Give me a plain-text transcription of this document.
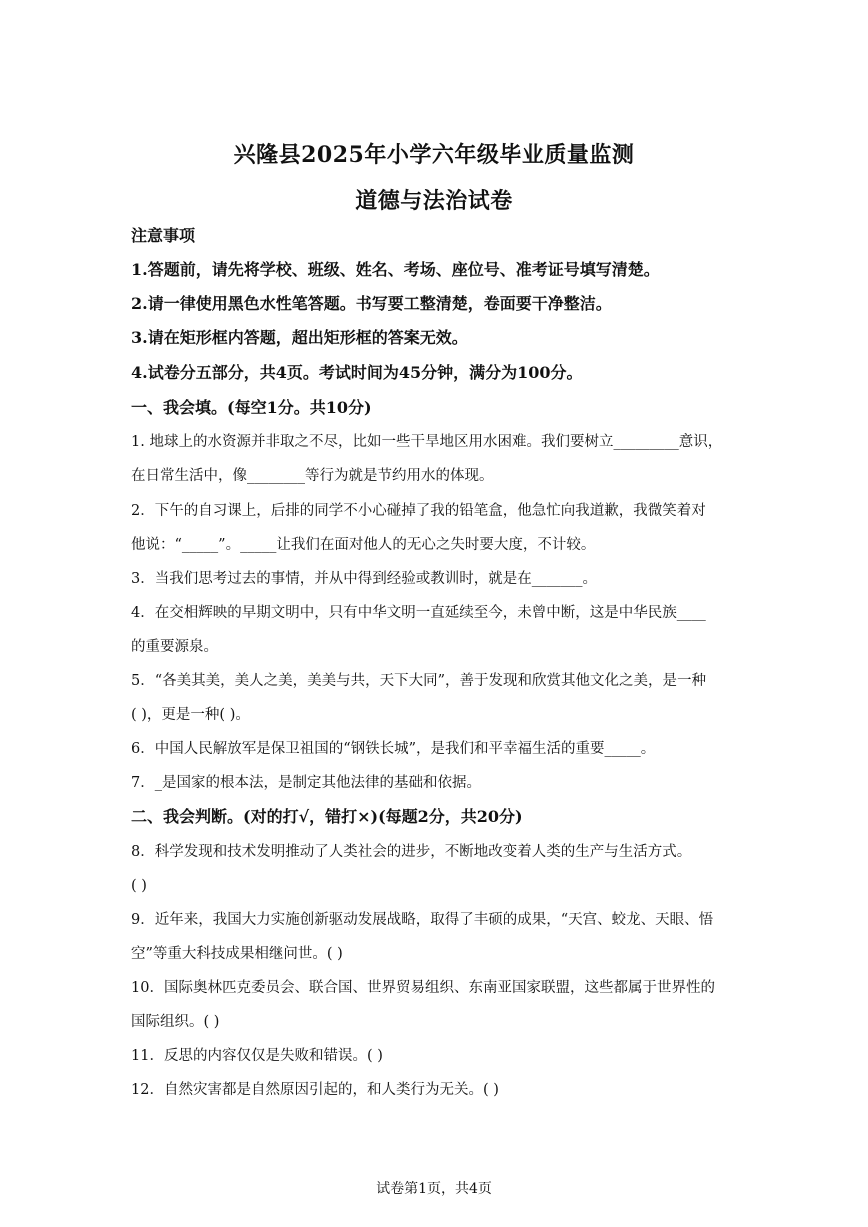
兴隆县2025年小学六年级毕业质量监测
道德与法治试卷
注意事项
1.答题前，请先将学校、班级、姓名、考场、座位号、准考证号填写清楚。
2.请一律使用黑色水性笔答题。书写要工整清楚，卷面要干净整洁。
3.请在矩形框内答题，超出矩形框的答案无效。
4.试卷分五部分，共4页。考试时间为45分钟，满分为100分。
一、我会填。(每空1分。共10分)
1. 地球上的水资源并非取之不尽，比如一些干旱地区用水困难。我们要树立_________意识，
在日常生活中，像________等行为就是节约用水的体现。
2．下午的自习课上，后排的同学不小心碰掉了我的铅笔盒，他急忙向我道歉，我微笑着对
他说：“_____”。_____让我们在面对他人的无心之失时要大度，不计较。
3．当我们思考过去的事情，并从中得到经验或教训时，就是在_______。
4．在交相辉映的早期文明中，只有中华文明一直延续至今，未曾中断，这是中华民族____
的重要源泉。
5．“各美其美，美人之美，美美与共，天下大同”，善于发现和欣赏其他文化之美，是一种
( )，更是一种( )。
6．中国人民解放军是保卫祖国的“钢铁长城”，是我们和平幸福生活的重要_____。
7．_是国家的根本法，是制定其他法律的基础和依据。
二、我会判断。(对的打√，错打×)(每题2分，共20分)
8．科学发现和技术发明推动了人类社会的进步，不断地改变着人类的生产与生活方式。
( )
9．近年来，我国大力实施创新驱动发展战略，取得了丰硕的成果，“天宫、蛟龙、天眼、悟
空”等重大科技成果相继问世。( )
10．国际奥林匹克委员会、联合国、世界贸易组织、东南亚国家联盟，这些都属于世界性的
国际组织。( )
11．反思的内容仅仅是失败和错误。( )
12．自然灾害都是自然原因引起的，和人类行为无关。( )
试卷第1页，共4页
